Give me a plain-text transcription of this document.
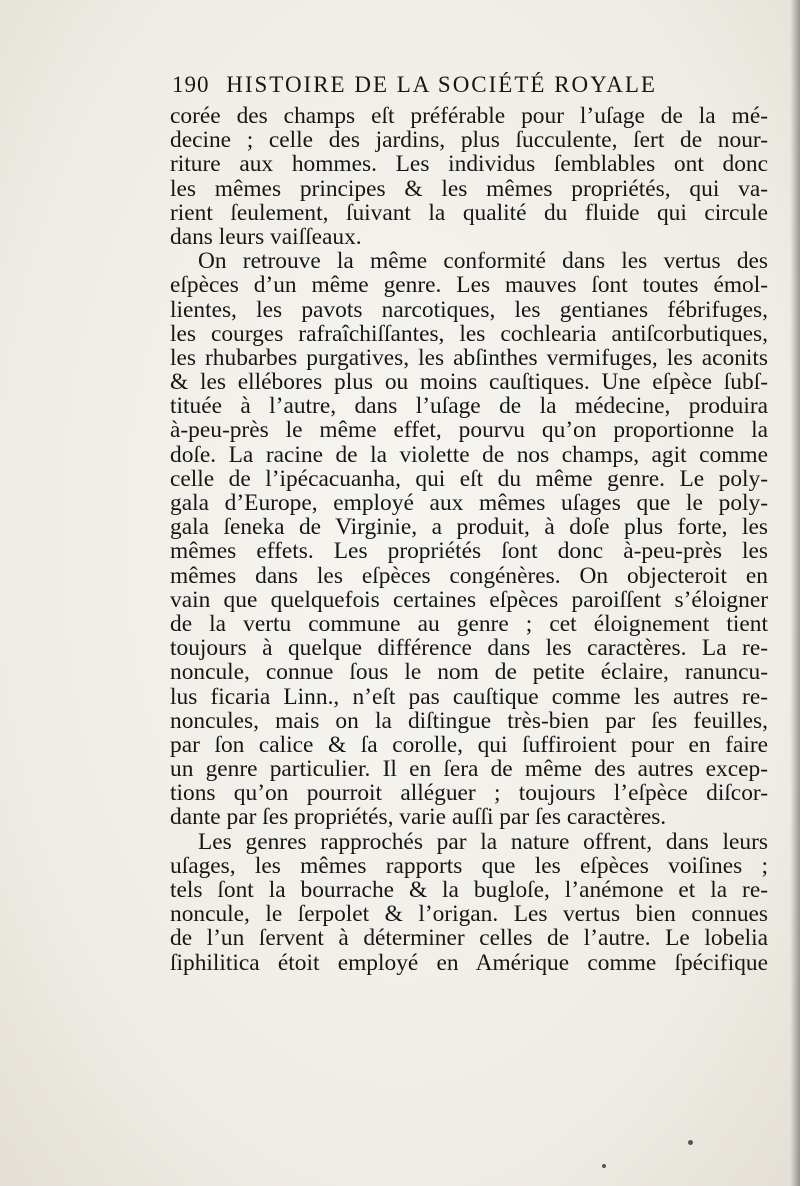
190 HISTOIRE DE LA SOCIÉTÉ ROYALE
corée des champs eſt préférable pour l’uſage de la mé-
decine ; celle des jardins, plus ſucculente, ſert de nour-
riture aux hommes. Les individus ſemblables ont donc
les mêmes principes & les mêmes propriétés, qui va-
rient ſeulement, ſuivant la qualité du fluide qui circule
dans leurs vaiſſeaux.
On retrouve la même conformité dans les vertus des
eſpèces d’un même genre. Les mauves ſont toutes émol-
lientes, les pavots narcotiques, les gentianes fébrifuges,
les courges rafraîchiſſantes, les cochlearia antiſcorbutiques,
les rhubarbes purgatives, les abſinthes vermifuges, les aconits
& les ellébores plus ou moins cauſtiques. Une eſpèce ſubſ-
tituée à l’autre, dans l’uſage de la médecine, produira
à-peu-près le même effet, pourvu qu’on proportionne la
doſe. La racine de la violette de nos champs, agit comme
celle de l’ipécacuanha, qui eſt du même genre. Le poly-
gala d’Europe, employé aux mêmes uſages que le poly-
gala ſeneka de Virginie, a produit, à doſe plus forte, les
mêmes effets. Les propriétés ſont donc à-peu-près les
mêmes dans les eſpèces congénères. On objecteroit en
vain que quelquefois certaines eſpèces paroiſſent s’éloigner
de la vertu commune au genre ; cet éloignement tient
toujours à quelque différence dans les caractères. La re-
noncule, connue ſous le nom de petite éclaire, ranuncu-
lus ficaria Linn., n’eſt pas cauſtique comme les autres re-
noncules, mais on la diſtingue très-bien par ſes feuilles,
par ſon calice & ſa corolle, qui ſuffiroient pour en faire
un genre particulier. Il en ſera de même des autres excep-
tions qu’on pourroit alléguer ; toujours l’eſpèce diſcor-
dante par ſes propriétés, varie auſſi par ſes caractères.
Les genres rapprochés par la nature offrent, dans leurs
uſages, les mêmes rapports que les eſpèces voiſines ;
tels ſont la bourrache & la bugloſe, l’anémone et la re-
noncule, le ſerpolet & l’origan. Les vertus bien connues
de l’un ſervent à déterminer celles de l’autre. Le lobelia
ſiphilitica étoit employé en Amérique comme ſpécifique
